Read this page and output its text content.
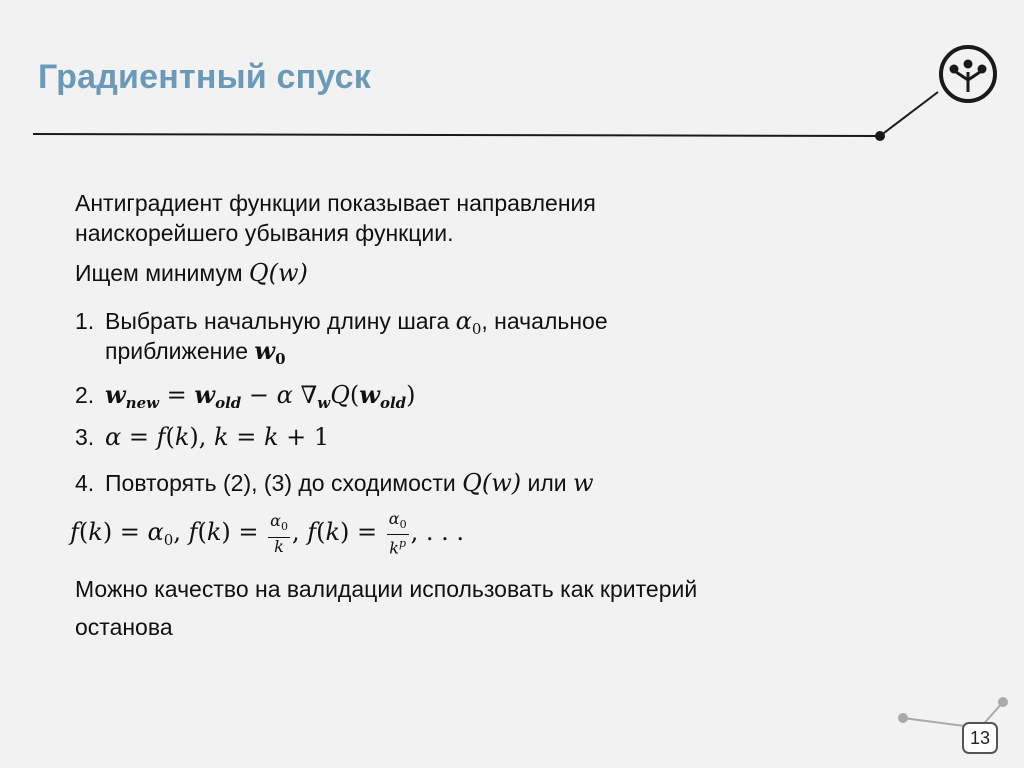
Градиентный спуск
Антиградиент функции показывает направления
наискорейшего убывания функции.
Ищем минимум Q(w)
1. Выбрать начальную длину шага $\alpha_0$, начальное
приближение $w_0$
2. $w_{new} = w_{old} - \alpha$ $\nabla_wQ(w_{old})$
3. α = f(k), k = k + 1
4. Повторять (2), (3) до сходимости Q(w) или w
$f(k) = \alpha_0$, $f(k) = \frac{\alpha_0}{k}$ , $f(k) = \frac{\alpha_0}{k^p}$ , . . .
Можно качество на валидации использовать как критерий
останова
13
